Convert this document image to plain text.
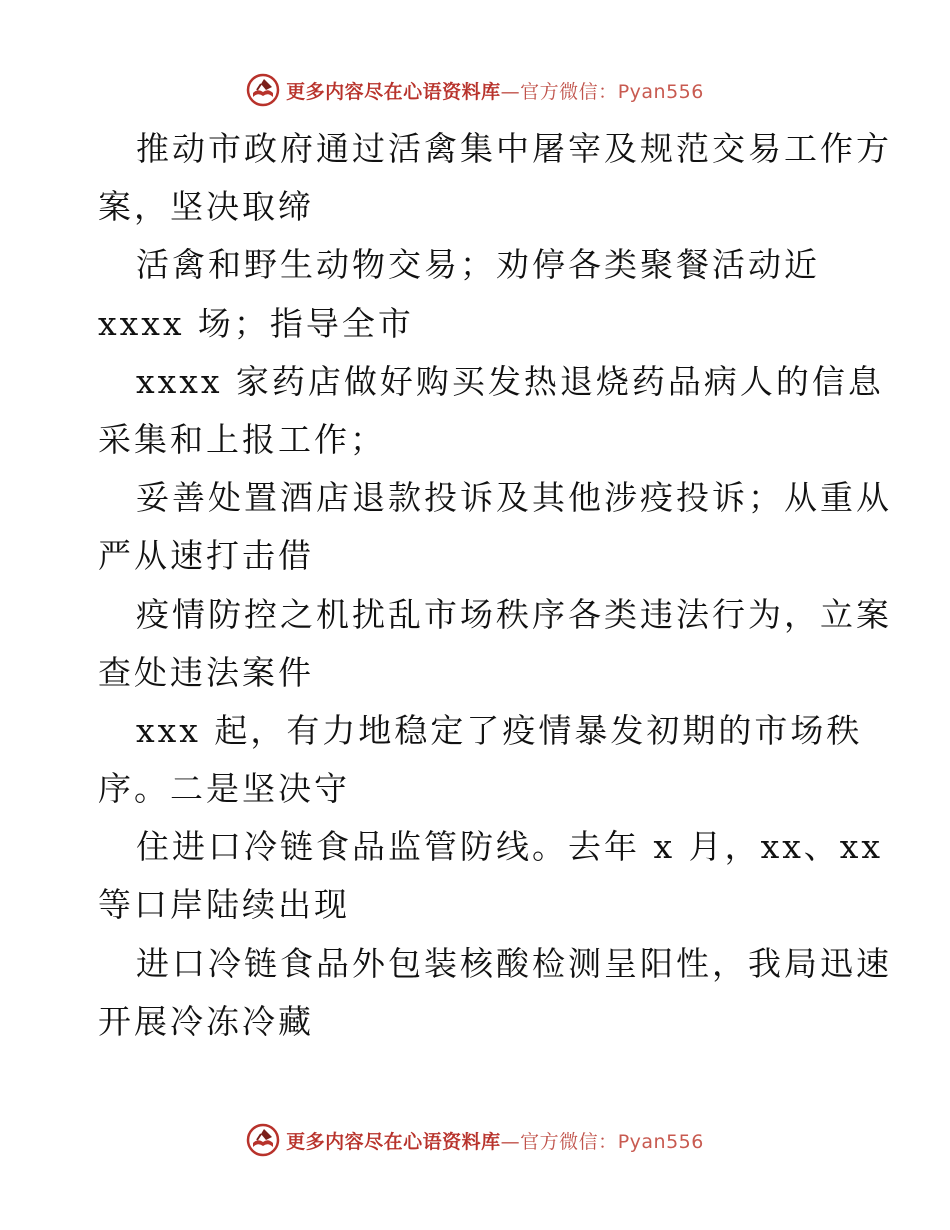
更多内容尽在心语资料库—官方微信：Pyan556
推动市政府通过活禽集中屠宰及规范交易工作方
案，坚决取缔
活禽和野生动物交易；劝停各类聚餐活动近
xxxx 场；指导全市
xxxx 家药店做好购买发热退烧药品病人的信息
采集和上报工作；
妥善处置酒店退款投诉及其他涉疫投诉；从重从
严从速打击借
疫情防控之机扰乱市场秩序各类违法行为，立案
查处违法案件
xxx 起，有力地稳定了疫情暴发初期的市场秩
序。二是坚决守
住进口冷链食品监管防线。去年 x 月，xx、xx
等口岸陆续出现
进口冷链食品外包装核酸检测呈阳性，我局迅速
开展冷冻冷藏
更多内容尽在心语资料库—官方微信：Pyan556
